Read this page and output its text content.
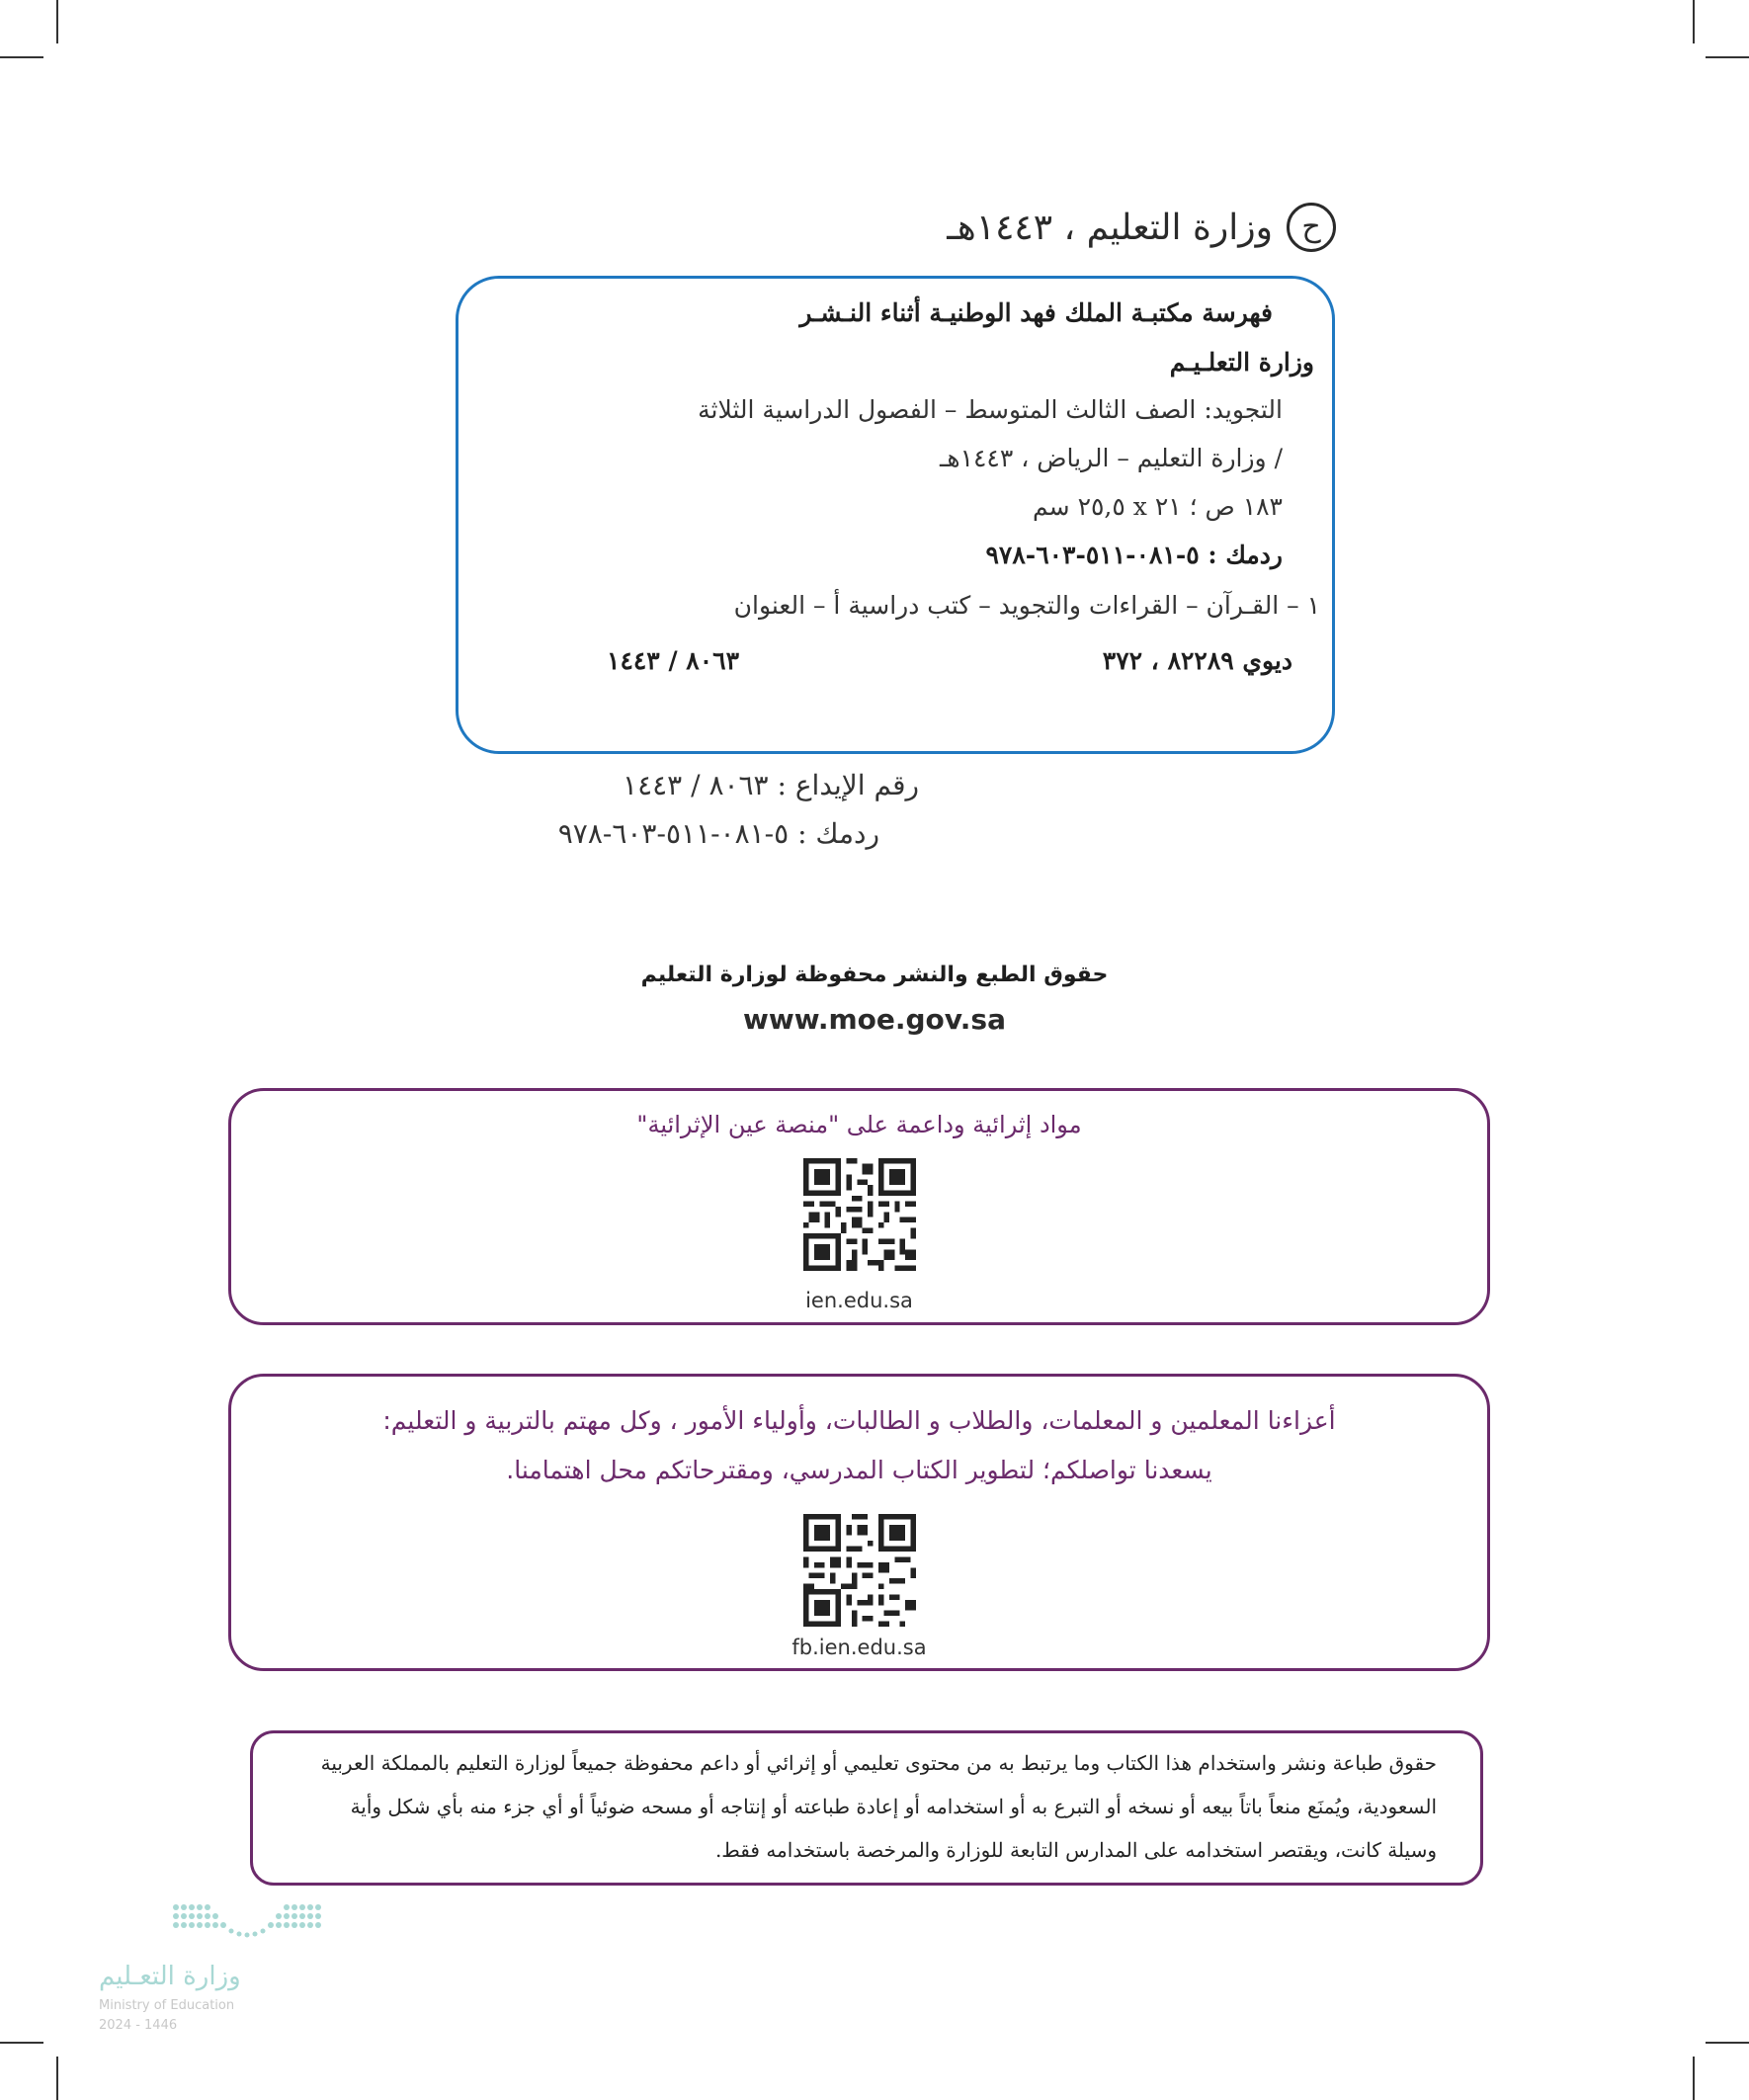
ح
وزارة التعليم ، ١٤٤٣هـ
فهرسة مكتبـة الملك فهد الوطنيـة أثناء النـشـر
وزارة التعلـيـم
التجويد: الصف الثالث المتوسط – الفصول الدراسية الثلاثة
/ وزارة التعليم – الرياض ، ١٤٤٣هـ
١٨٣ ص ؛ ٢١ x ٢٥,٥ سم
ردمك : ٥-٠٨١-٥١١-٦٠٣-٩٧٨
١ – القـرآن – القراءات والتجويد – كتب دراسية أ – العنوان
ديوي ٨٢٢٨٩ ، ٣٧٢
٨٠٦٣ / ١٤٤٣
رقم الإيداع : ٨٠٦٣ / ١٤٤٣
ردمك : ٥-٠٨١-٥١١-٦٠٣-٩٧٨
حقوق الطبع والنشر محفوظة لوزارة التعليم
www.moe.gov.sa
مواد إثرائية وداعمة على "منصة عين الإثرائية"
ien.edu.sa
أعزاءنا المعلمين و المعلمات، والطلاب و الطالبات، وأولياء الأمور ، وكل مهتم بالتربية و التعليم:
يسعدنا تواصلكم؛ لتطوير الكتاب المدرسي، ومقترحاتكم محل اهتمامنا.
fb.ien.edu.sa

حقوق طباعة ونشر واستخدام هذا الكتاب وما يرتبط به من محتوى تعليمي أو إثرائي أو داعم محفوظة جميعاً لوزارة التعليم بالمملكة العربية

السعودية، ويُمنَع منعاً باتاً بيعه أو نسخه أو التبرع به أو استخدامه أو إعادة طباعته أو إنتاجه أو مسحه ضوئياً أو أي جزء منه بأي شكل وأية

وسيلة كانت، ويقتصر استخدامه على المدارس التابعة للوزارة والمرخصة باستخدامه فقط.

وزارة التعـليم
Ministry of Education
2024 - 1446
